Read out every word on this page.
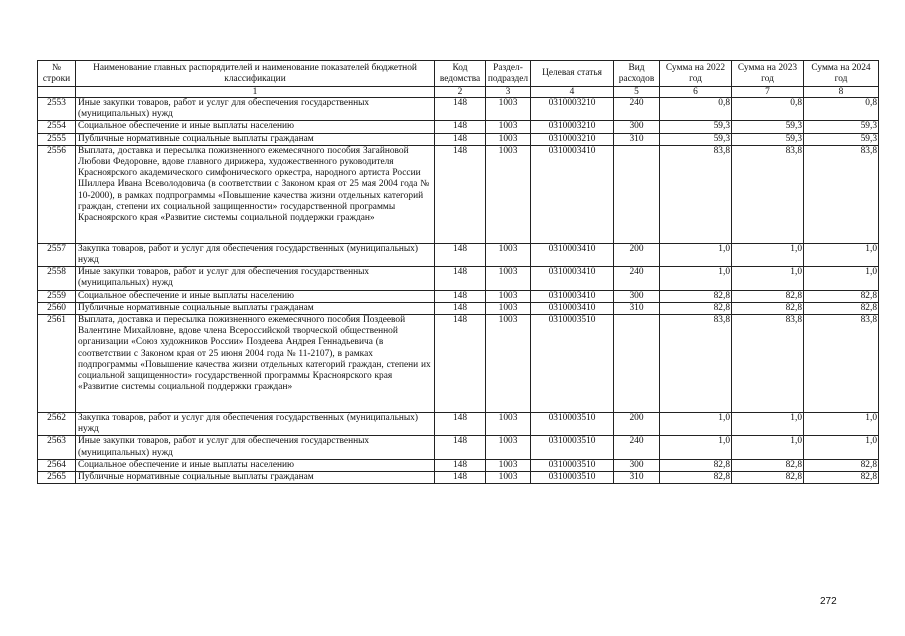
№ строки	Наименование главных распорядителей и наименование показателей бюджетной классификации	Код ведомства	Раздел-подраздел	Целевая статья	Вид расходов	Сумма на 2022 год	Сумма на 2023 год	Сумма на 2024 год
	1	2	3	4	5	6	7	8
2553	Иные закупки товаров, работ и услуг для обеспечения государственных (муниципальных) нужд	148	1003	0310003210	240	0,8	0,8	0,8
2554	Социальное обеспечение и иные выплаты населению	148	1003	0310003210	300	59,3	59,3	59,3
2555	Публичные нормативные социальные выплаты гражданам	148	1003	0310003210	310	59,3	59,3	59,3
2556	Выплата, доставка и пересылка пожизненного ежемесячного пособия Загайновой Любови Федоровне, вдове главного дирижера, художественного руководителя Красноярского академического симфонического оркестра, народного артиста России Шиллера Ивана Всеволодовича (в соответствии с Законом края от 25 мая 2004 года № 10-2000), в рамках подпрограммы «Повышение качества жизни отдельных категорий граждан, степени их социальной защищенности» государственной программы Красноярского края «Развитие системы социальной поддержки граждан»	148	1003	0310003410		83,8	83,8	83,8
2557	Закупка товаров, работ и услуг для обеспечения государственных (муниципальных) нужд	148	1003	0310003410	200	1,0	1,0	1,0
2558	Иные закупки товаров, работ и услуг для обеспечения государственных (муниципальных) нужд	148	1003	0310003410	240	1,0	1,0	1,0
2559	Социальное обеспечение и иные выплаты населению	148	1003	0310003410	300	82,8	82,8	82,8
2560	Публичные нормативные социальные выплаты гражданам	148	1003	0310003410	310	82,8	82,8	82,8
2561	Выплата, доставка и пересылка пожизненного ежемесячного пособия Поздеевой Валентине Михайловне, вдове члена Всероссийской творческой общественной организации «Союз художников России» Поздеева Андрея Геннадьевича (в соответствии с Законом края от 25 июня 2004 года № 11-2107), в рамках подпрограммы «Повышение качества жизни отдельных категорий граждан, степени их социальной защищенности» государственной программы Красноярского края «Развитие системы социальной поддержки граждан»	148	1003	0310003510		83,8	83,8	83,8
2562	Закупка товаров, работ и услуг для обеспечения государственных (муниципальных) нужд	148	1003	0310003510	200	1,0	1,0	1,0
2563	Иные закупки товаров, работ и услуг для обеспечения государственных (муниципальных) нужд	148	1003	0310003510	240	1,0	1,0	1,0
2564	Социальное обеспечение и иные выплаты населению	148	1003	0310003510	300	82,8	82,8	82,8
2565	Публичные нормативные социальные выплаты гражданам	148	1003	0310003510	310	82,8	82,8	82,8
272
